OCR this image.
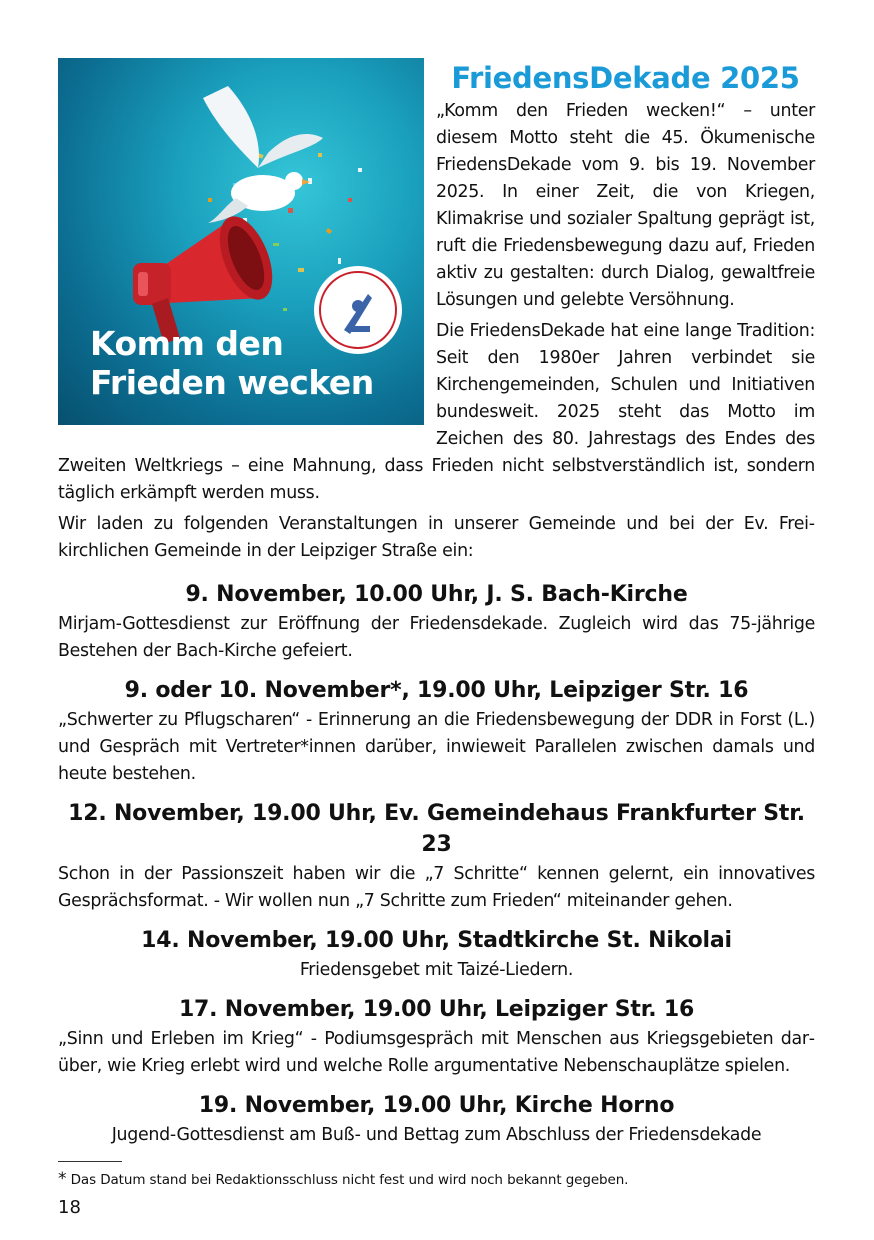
Komm den
Frieden wecken
FriedensDekade 2025

„Komm den Frieden wecken!“ – unter diesem Motto steht die 45. Ökumenische FriedensDekade vom 9. bis 19. November 2025. In einer Zeit, die von Kriegen, Klimakrise und sozialer Spaltung geprägt ist, ruft die Friedensbewegung dazu auf, Frieden aktiv zu gestalten: durch Dialog, gewaltfreie Lösungen und gelebte Versöhnung.

Die FriedensDekade hat eine lange Tradition: Seit den 1980er Jahren verbindet sie Kirchengemeinden, Schulen und Initiativen bundesweit. 2025 steht das Motto im Zeichen des 80. Jahrestags des Endes des Zweiten Weltkriegs – eine Mahnung, dass Frieden nicht selbstverständlich ist, sondern täglich erkämpft werden muss.

Wir laden zu folgenden Veranstaltungen in unserer Gemeinde und bei der Ev. Freikirchlichen Gemeinde in der Leipziger Straße ein:

9. November, 10.00 Uhr, J. S. Bach-Kirche

Mirjam-Gottesdienst zur Eröffnung der Friedensdekade. Zugleich wird das 75-jährige Bestehen der Bach-Kirche gefeiert.

9. oder 10. November*, 19.00 Uhr, Leipziger Str. 16

„Schwerter zu Pflugscharen“ - Erinnerung an die Friedensbewegung der DDR in Forst (L.) und Gespräch mit Vertreter*innen darüber, inwieweit Parallelen zwischen damals und heute bestehen.

12. November, 19.00 Uhr, Ev. Gemeindehaus Frankfurter Str. 23

Schon in der Passionszeit haben wir die „7 Schritte“ kennen gelernt, ein innovatives Gesprächsformat. - Wir wollen nun „7 Schritte zum Frieden“ miteinander gehen.

14. November, 19.00 Uhr, Stadtkirche St. Nikolai

Friedensgebet mit Taizé-Liedern.

17. November, 19.00 Uhr, Leipziger Str. 16

„Sinn und Erleben im Krieg“ - Podiumsgespräch mit Menschen aus Kriegsgebieten darüber, wie Krieg erlebt wird und welche Rolle argumentative Nebenschauplätze spielen.

19. November, 19.00 Uhr, Kirche Horno

Jugend-Gottesdienst am Buß- und Bettag zum Abschluss der Friedensdekade

* Das Datum stand bei Redaktionsschluss nicht fest und wird noch bekannt gegeben.
18
